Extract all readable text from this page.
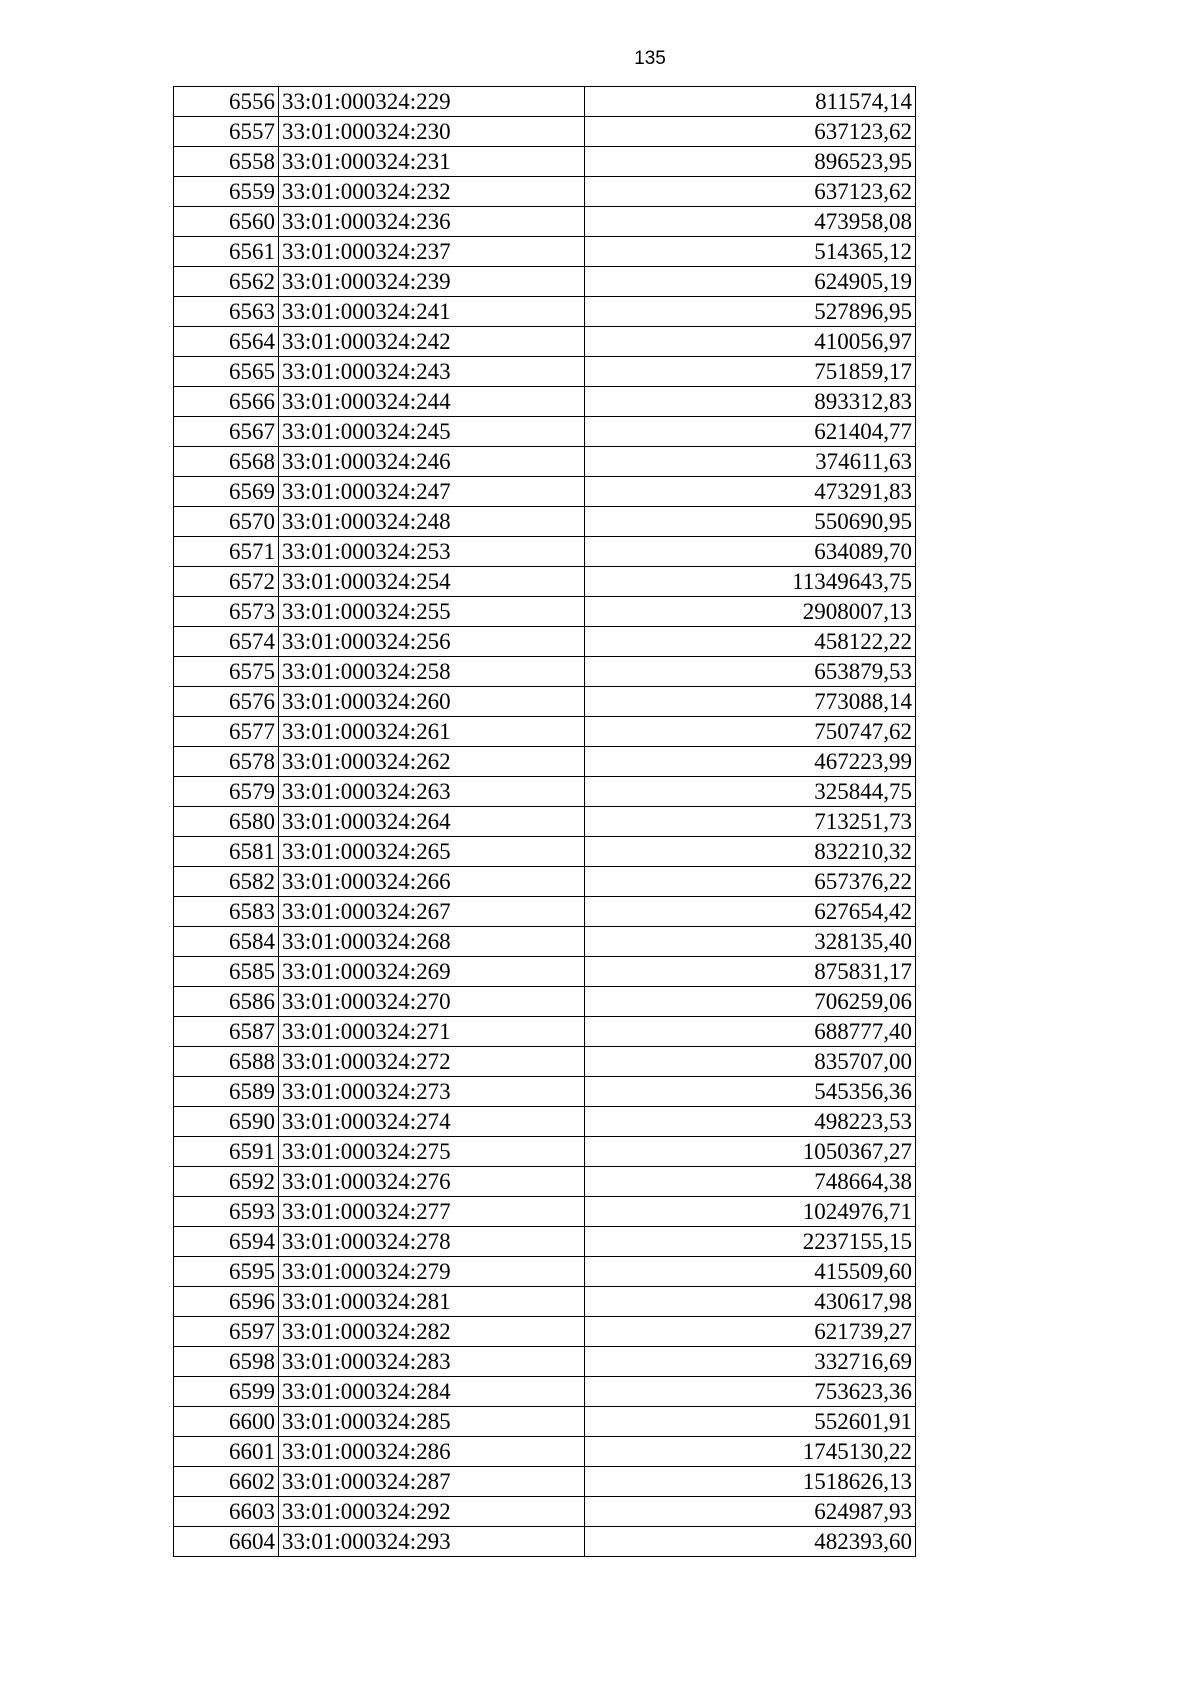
135
6556	33:01:000324:229	811574,14
6557	33:01:000324:230	637123,62
6558	33:01:000324:231	896523,95
6559	33:01:000324:232	637123,62
6560	33:01:000324:236	473958,08
6561	33:01:000324:237	514365,12
6562	33:01:000324:239	624905,19
6563	33:01:000324:241	527896,95
6564	33:01:000324:242	410056,97
6565	33:01:000324:243	751859,17
6566	33:01:000324:244	893312,83
6567	33:01:000324:245	621404,77
6568	33:01:000324:246	374611,63
6569	33:01:000324:247	473291,83
6570	33:01:000324:248	550690,95
6571	33:01:000324:253	634089,70
6572	33:01:000324:254	11349643,75
6573	33:01:000324:255	2908007,13
6574	33:01:000324:256	458122,22
6575	33:01:000324:258	653879,53
6576	33:01:000324:260	773088,14
6577	33:01:000324:261	750747,62
6578	33:01:000324:262	467223,99
6579	33:01:000324:263	325844,75
6580	33:01:000324:264	713251,73
6581	33:01:000324:265	832210,32
6582	33:01:000324:266	657376,22
6583	33:01:000324:267	627654,42
6584	33:01:000324:268	328135,40
6585	33:01:000324:269	875831,17
6586	33:01:000324:270	706259,06
6587	33:01:000324:271	688777,40
6588	33:01:000324:272	835707,00
6589	33:01:000324:273	545356,36
6590	33:01:000324:274	498223,53
6591	33:01:000324:275	1050367,27
6592	33:01:000324:276	748664,38
6593	33:01:000324:277	1024976,71
6594	33:01:000324:278	2237155,15
6595	33:01:000324:279	415509,60
6596	33:01:000324:281	430617,98
6597	33:01:000324:282	621739,27
6598	33:01:000324:283	332716,69
6599	33:01:000324:284	753623,36
6600	33:01:000324:285	552601,91
6601	33:01:000324:286	1745130,22
6602	33:01:000324:287	1518626,13
6603	33:01:000324:292	624987,93
6604	33:01:000324:293	482393,60
